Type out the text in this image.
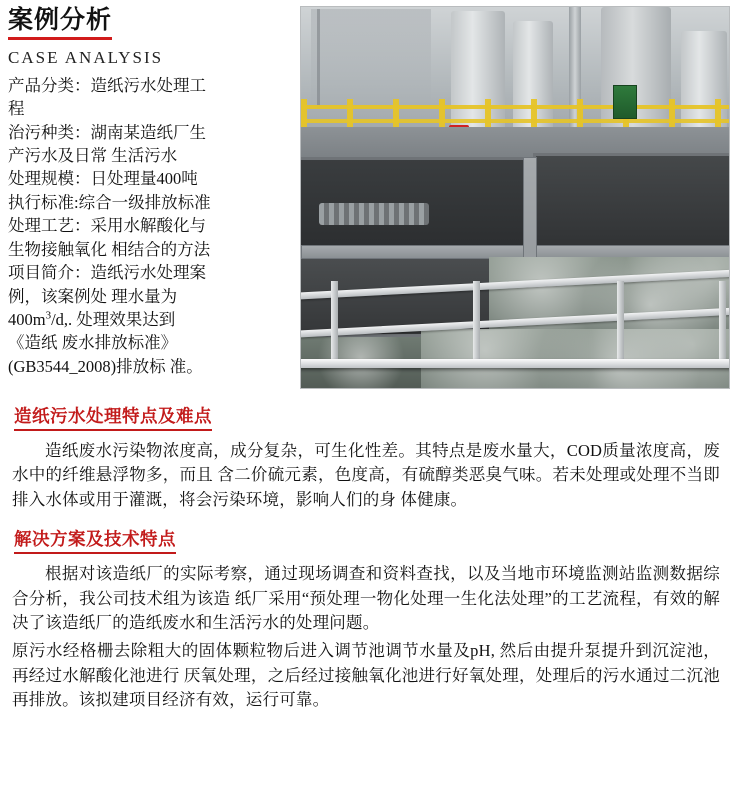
案例分析
CASE ANALYSIS
产品分类：造纸污水处理工
程
治污种类：湖南某造纸厂生
产污水及日常 生活污水
处理规模：日处理量400吨
执行标准:综合一级排放标准
处理工艺：采用水解酸化与
生物接触氧化 相结合的方法
项目简介：造纸污水处理案
例，该案例处 理水量为
$400m^3/d$,. 处理效果达到
《造纸 废水排放标准》
(GB3544_2008)排放标 准。
造纸污水处理特点及难点

造纸废水污染物浓度高，成分复杂，可生化性差。其特点是废水量大，COD质量浓度高，废水中的纤维悬浮物多，而且 含二价硫元素，色度高，有硫醇类恶臭气味。若未处理或处理不当即排入水体或用于灌溉，将会污染环境，影响人们的身 体健康。

解决方案及技术特点

根据对该造纸厂的实际考察，通过现场调查和资料查找，以及当地市环境监测站监测数据综合分析，我公司技术组为该造 纸厂采用“预处理一物化处理一生化法处理”的工艺流程，有效的解决了该造纸厂的造纸废水和生活污水的处理问题。

原污水经格栅去除粗大的固体颗粒物后进入调节池调节水量及pH, 然后由提升泵提升到沉淀池，再经过水解酸化池进行 厌氧处理，之后经过接触氧化池进行好氧处理，处理后的污水通过二沉池再排放。该拟建项目经济有效，运行可靠。
